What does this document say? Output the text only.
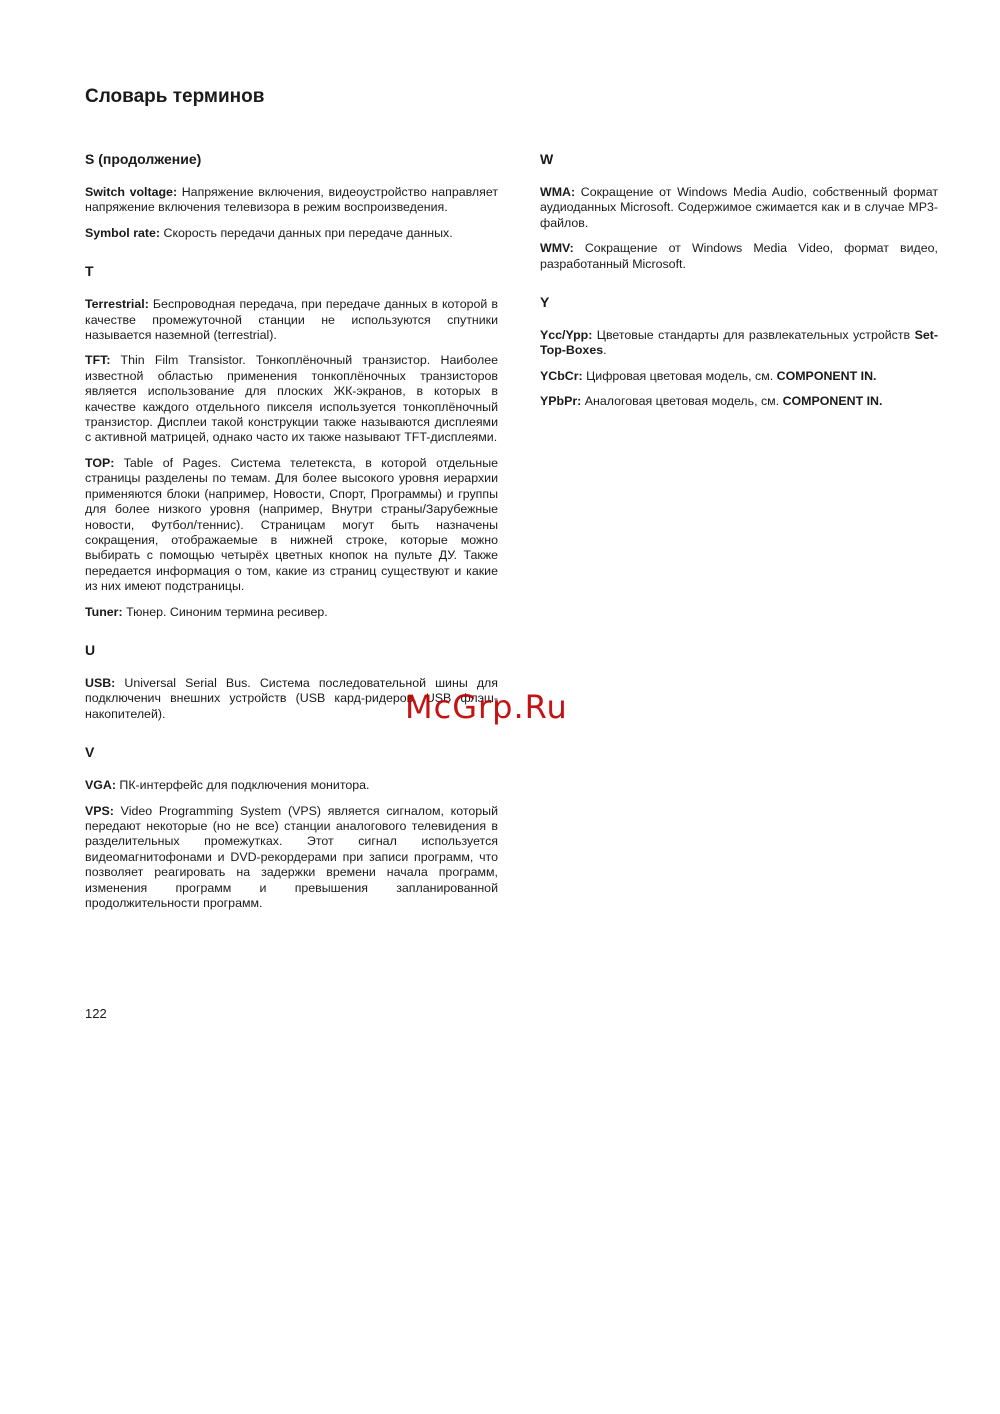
Словарь терминов
S (продолжение)

Switch voltage: Напряжение включения, видеоустройство направляет напряжение включения телевизора в режим воспроизведения.

Symbol rate: Скорость передачи данных при передаче данных.

T

Terrestrial: Беспроводная передача, при передаче данных в которой в качестве промежуточной станции не используются спутники называется наземной (terrestrial).

TFT: Thin Film Transistor. Тонкоплёночный транзистор. Наиболее известной областью применения тонкоплёночных транзисторов является использование для плоских ЖК-экранов, в которых в качестве каждого отдельного пикселя используется тонкоплёночный транзистор. Дисплеи такой конструкции также называются дисплеями с активной матрицей, однако часто их также называют TFT-дисплеями.

TOP: Table of Pages. Система телетекста, в которой отдельные страницы разделены по темам. Для более высокого уровня иерархии применяются блоки (например, Новости, Спорт, Программы) и группы для более низкого уровня (например, Внутри страны/Зарубежные новости, Футбол/теннис). Страницам могут быть назначены сокращения, отображаемые в нижней строке, которые можно выбирать с помощью четырёх цветных кнопок на пульте ДУ. Также передается информация о том, какие из страниц существуют и какие из них имеют подстраницы.

Tuner: Тюнер. Синоним термина ресивер.

U

USB: Universal Serial Bus. Система последовательной шины для подключенич внешних устройств (USB кард-ридеров, USB флэш-накопителей).

V

VGA: ПК-интерфейс для подключения монитора.

VPS: Video Programming System (VPS) является сигналом, который передают некоторые (но не все) станции аналогового телевидения в разделительных промежутках. Этот сигнал используется видеомагнитофонами и DVD-рекордерами при записи программ, что позволяет реагировать на задержки времени начала программ, изменения программ и превышения запланированной продолжительности программ.

W

WMA: Сокращение от Windows Media Audio, собственный формат аудиоданных Microsoft. Содержимое сжимается как и в случае MP3-файлов.

WMV: Сокращение от Windows Media Video, формат видео, разработанный Microsoft.

Y

Ycc/Ypp: Цветовые стандарты для развлекательных устройств Set-Top-Boxes.

YCbCr: Цифровая цветовая модель, см. COMPONENT IN.

YPbPr: Аналоговая цветовая модель, см. COMPONENT IN.

McGrp.Ru
122
